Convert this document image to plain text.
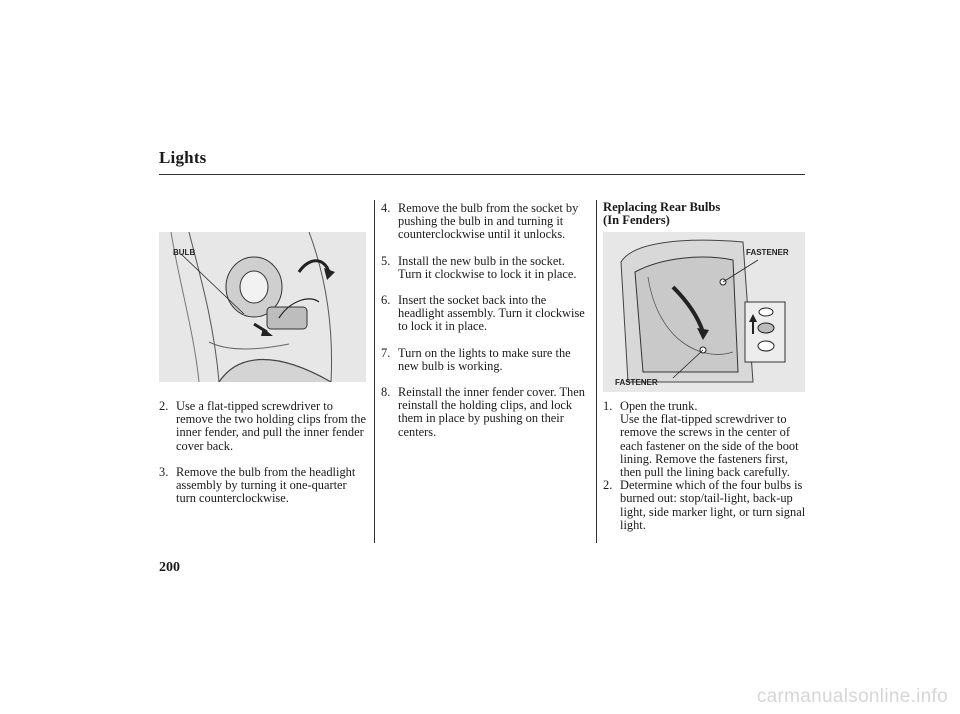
Lights
BULB
2. Use a flat-tipped screwdriver to remove the two holding clips from the inner fender, and pull the inner fender cover back.
3. Remove the bulb from the headlight assembly by turning it one-quarter turn counterclockwise.
4. Remove the bulb from the socket by pushing the bulb in and turning it counterclockwise until it unlocks.
5. Install the new bulb in the socket. Turn it clockwise to lock it in place.
6. Insert the socket back into the headlight assembly. Turn it clockwise to lock it in place.
7. Turn on the lights to make sure the new bulb is working.
8. Reinstall the inner fender cover. Then reinstall the holding clips, and lock them in place by pushing on their centers.
Replacing Rear Bulbs
(In Fenders)
FASTENER
FASTENER
1. Open the trunk.
Use the flat-tipped screwdriver to remove the screws in the center of each fastener on the side of the boot lining. Remove the fasteners first, then pull the lining back carefully.
2. Determine which of the four bulbs is burned out: stop/tail-light, back-up light, side marker light, or turn signal light.
200
carmanualsonline.info
